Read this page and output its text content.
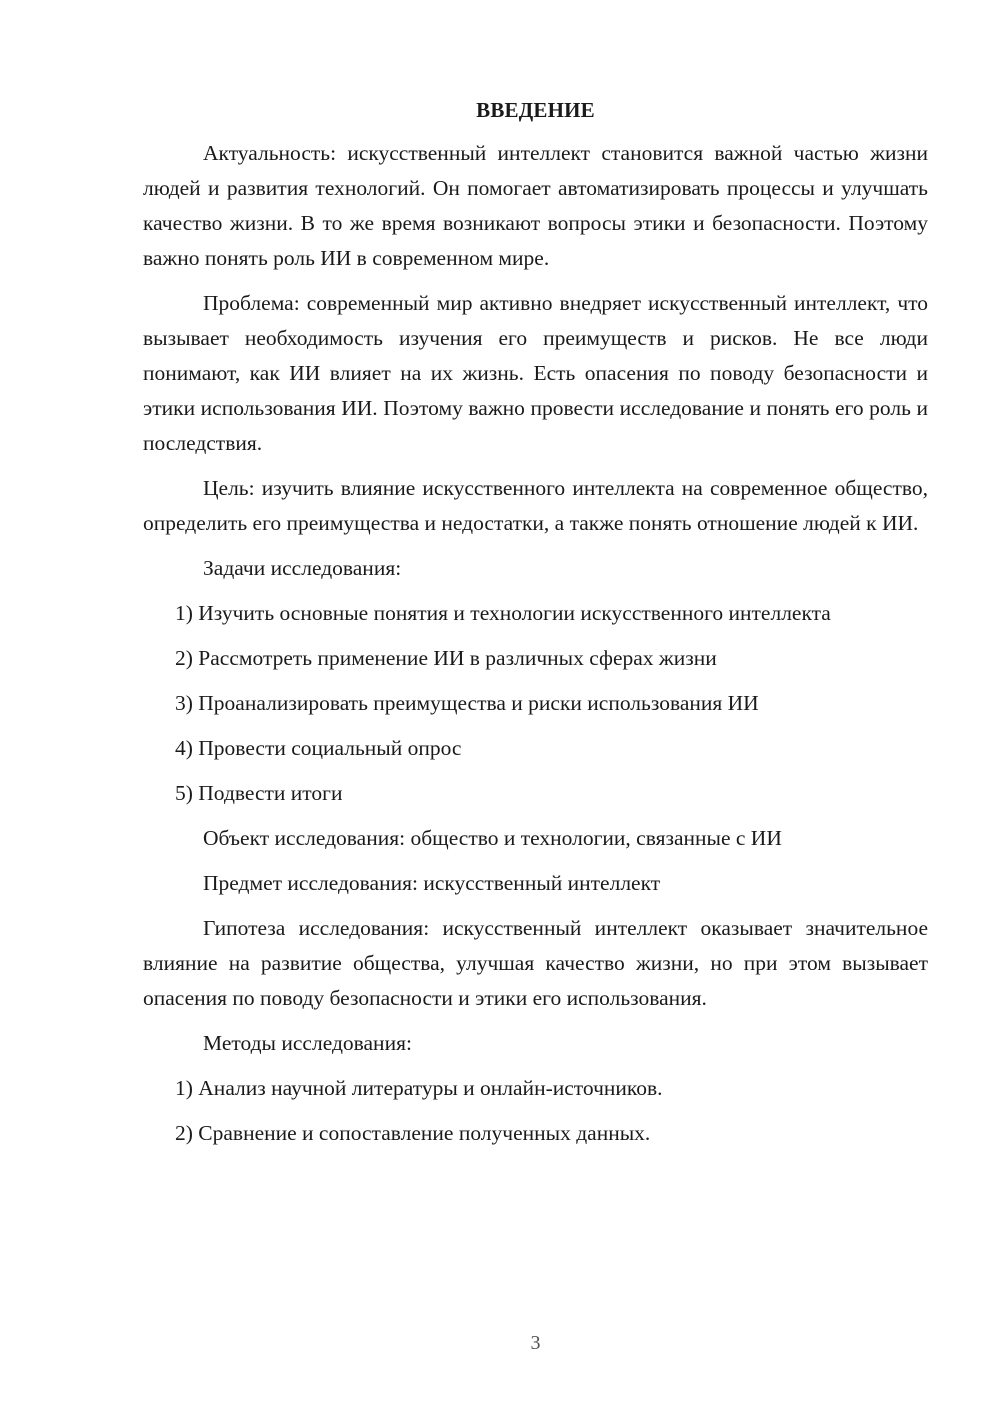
ВВЕДЕНИЕ

Актуальность: искусственный интеллект становится важной частью жизни людей и развития технологий. Он помогает автоматизировать процессы и улучшать качество жизни. В то же время возникают вопросы этики и безопасности. Поэтому важно понять роль ИИ в современном мире.

Проблема: современный мир активно внедряет искусственный интеллект, что вызывает необходимость изучения его преимуществ и рисков. Не все люди понимают, как ИИ влияет на их жизнь. Есть опасения по поводу безопасности и этики использования ИИ. Поэтому важно провести исследование и понять его роль и последствия.

Цель: изучить влияние искусственного интеллекта на современное общество, определить его преимущества и недостатки, а также понять отношение людей к ИИ.

Задачи исследования:

1) Изучить основные понятия и технологии искусственного интеллекта

2) Рассмотреть применение ИИ в различных сферах жизни

3) Проанализировать преимущества и риски использования ИИ

4) Провести социальный опрос

5) Подвести итоги

Объект исследования: общество и технологии, связанные с ИИ

Предмет исследования: искусственный интеллект

Гипотеза исследования: искусственный интеллект оказывает значительное влияние на развитие общества, улучшая качество жизни, но при этом вызывает опасения по поводу безопасности и этики его использования.

Методы исследования:

1) Анализ научной литературы и онлайн-источников.

2) Сравнение и сопоставление полученных данных.

3
